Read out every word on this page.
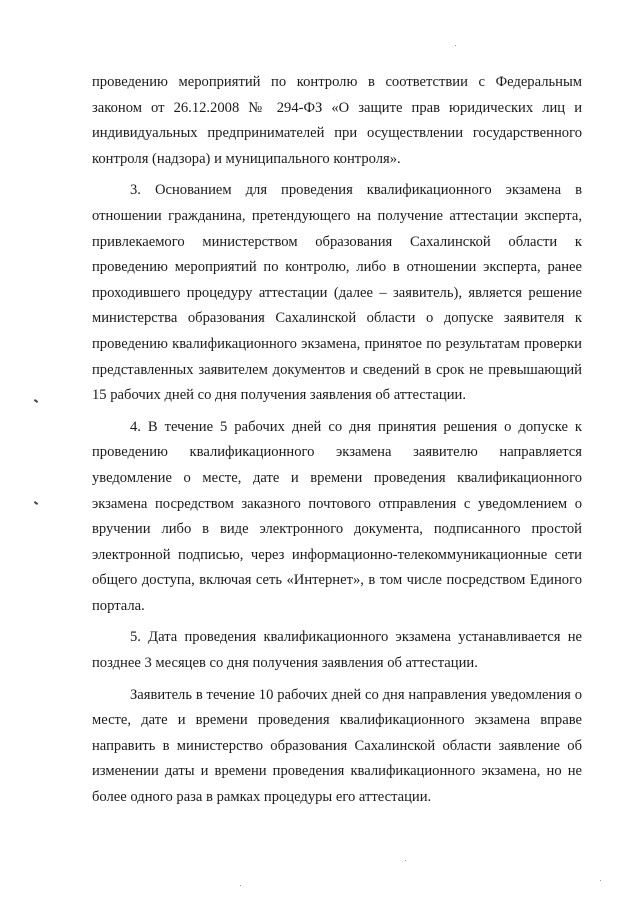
проведению мероприятий по контролю в соответствии с Федеральным законом от 26.12.2008 № 294-ФЗ «О защите прав юридических лиц и индивидуальных предпринимателей при осуществлении государственного контроля (надзора) и муниципального контроля».

3. Основанием для проведения квалификационного экзамена в отношении гражданина, претендующего на получение аттестации эксперта, привлекаемого министерством образования Сахалинской области к проведению мероприятий по контролю, либо в отношении эксперта, ранее проходившего процедуру аттестации (далее – заявитель), является решение министерства образования Сахалинской области о допуске заявителя к проведению квалификационного экзамена, принятое по результатам проверки представленных заявителем документов и сведений в срок не превышающий 15 рабочих дней со дня получения заявления об аттестации.

4. В течение 5 рабочих дней со дня принятия решения о допуске к проведению квалификационного экзамена заявителю направляется уведомление о месте, дате и времени проведения квалификационного экзамена посредством заказного почтового отправления с уведомлением о вручении либо в виде электронного документа, подписанного простой электронной подписью, через информационно-телекоммуникационные сети общего доступа, включая сеть «Интернет», в том числе посредством Единого портала.

5. Дата проведения квалификационного экзамена устанавливается не позднее 3 месяцев со дня получения заявления об аттестации.

Заявитель в течение 10 рабочих дней со дня направления уведомления о месте, дате и времени проведения квалификационного экзамена вправе направить в министерство образования Сахалинской области заявление об изменении даты и времени проведения квалификационного экзамена, но не более одного раза в рамках процедуры его аттестации.
